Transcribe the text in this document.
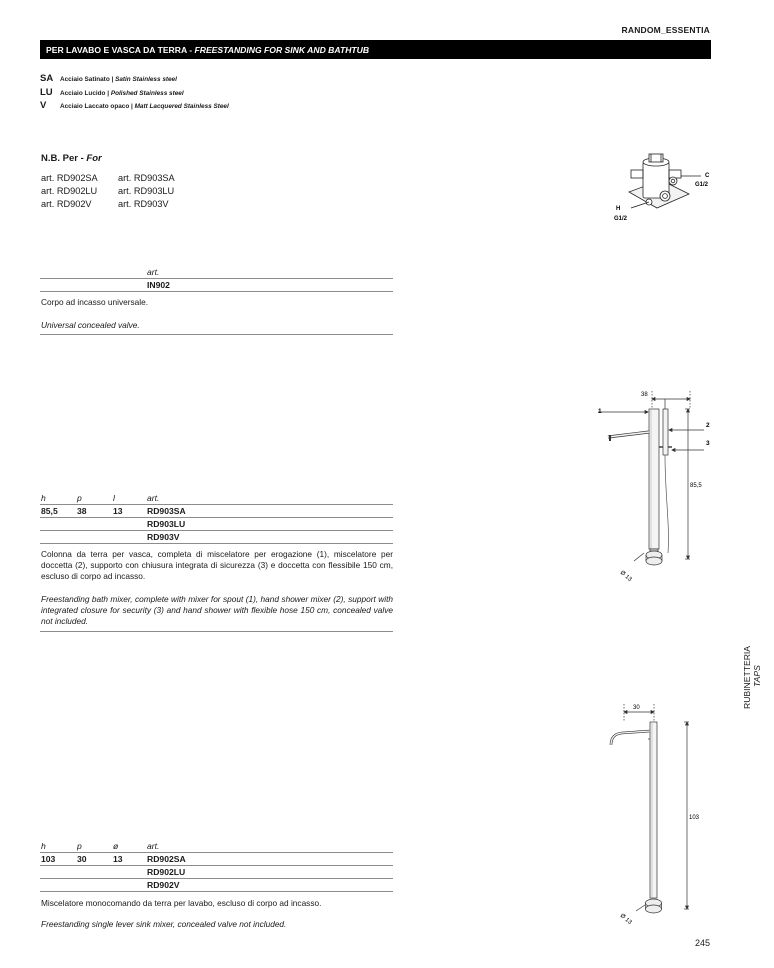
RANDOM_ESSENTIA
PER LAVABO E VASCA DA TERRA - FREESTANDING FOR SINK AND BATHTUB
SA Acciaio Satinato | Satin Stainless steel
LU Acciaio Lucido | Polished Stainless steel
V Acciaio Laccato opaco | Matt Lacquered Stainless Steel
N.B. Per - For
art. RD902SA
art. RD902LU
art. RD902V
art. RD903SA
art. RD903LU
art. RD903V
C
G1/2
H
G1/2
art.
IN902
Corpo ad incasso universale.
Universal concealed valve.
38
1
2
3
85,5
Ø 13
h	p	l	art.
85,5 38	13	RD903SA
RD903LU
RD903V
Colonna da terra per vasca, completa di miscelatore per erogazione (1), miscelatore per doccetta (2), supporto con chiusura integrata di sicurezza (3) e doccetta con flessibile 150 cm, escluso di corpo ad incasso.
Freestanding bath mixer, complete with mixer for spout (1), hand shower mixer (2), support with integrated closure for security (3) and hand shower with flexible hose 150 cm, concealed valve not included.
RUBINETTERIA TAPS
30
103
Ø 13
h	p	ø	art.
103	30	13	RD902SA
RD902LU
RD902V
Miscelatore monocomando da terra per lavabo, escluso di corpo ad incasso.
Freestanding single lever sink mixer, concealed valve not included.
245
